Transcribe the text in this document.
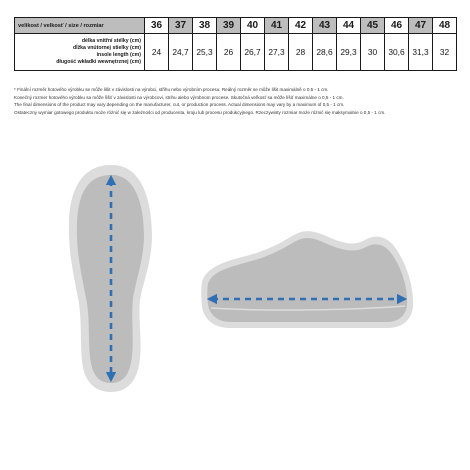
velikost / velkosť / size / rozmiar	36	37	38	39	40	41	42	43	44	45	46	47	48

délka vnitřní stélky (cm)
dĺžka vnútornej stielky (cm)
insole length (cm)
długość wkładki wewnętrznej (cm)	24	24,7	25,3	26	26,7	27,3	28	28,6	29,3	30	30,6	31,3	32
* Finální rozměr hotového výrobku se může lišit v závislosti na výrobci, střihu nebo výrobním procesu. Reálný rozměr se může lišit maximálně o 0,5 - 1 cm.
Konečný rozmer hotového výrobku sa môže líšiť v závislosti na výrobcovi, strihu alebo výrobnom procese. Skutočná veľkosť sa môže líšiť maximálne o 0,5 - 1 cm.
The final dimensions of the product may vary depending on the manufacturer, cut, or production process. Actual dimensions may vary by a maximum of 0,5 - 1 cm.
Ostateczny wymiar gotowego produktu może różnić się w zależności od producenta, kroju lub procesu produkcyjnego. Rzeczywisty rozmiar może różnić się maksymalnie o 0,5 - 1 cm.
